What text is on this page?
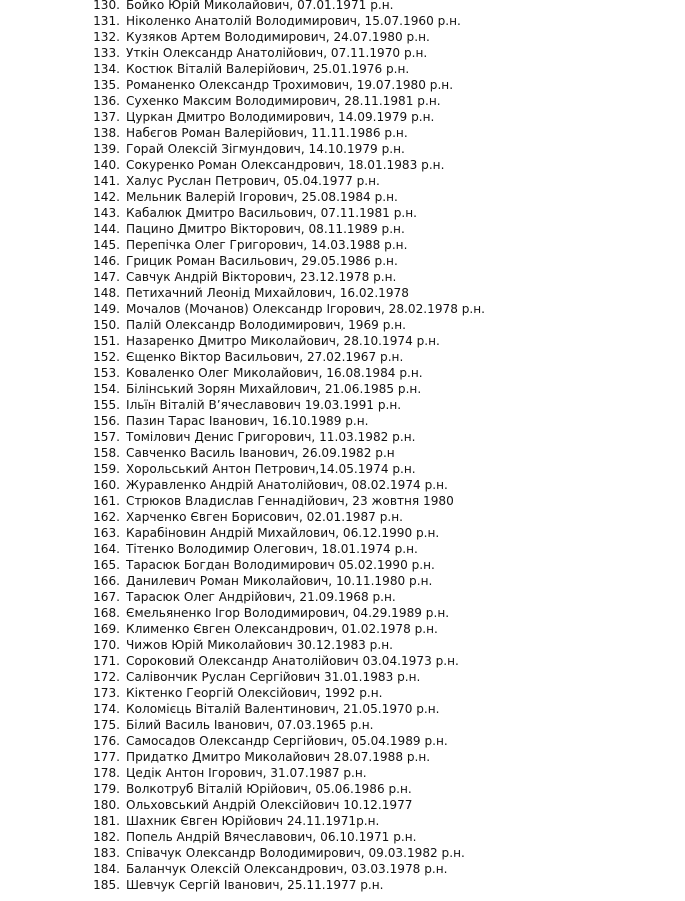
130. Бойко Юрій Миколайович, 07.01.1971 р.н.
131. Ніколенко Анатолій Володимирович, 15.07.1960 р.н.
132. Кузяков Артем Володимирович, 24.07.1980 р.н.
133. Уткін Олександр Анатолійович, 07.11.1970 р.н.
134. Костюк Віталій Валерійович, 25.01.1976 р.н.
135. Романенко Олександр Трохимович, 19.07.1980 р.н.
136. Сухенко Максим Володимирович, 28.11.1981 р.н.
137. Цуркан Дмитро Володимирович, 14.09.1979 р.н.
138. Набєгов Роман Валерійович, 11.11.1986 р.н.
139. Горай Олексій Зігмундович, 14.10.1979 р.н.
140. Сокуренко Роман Олександрович, 18.01.1983 р.н.
141. Халус Руслан Петрович, 05.04.1977 р.н.
142. Мельник Валерій Ігорович, 25.08.1984 р.н.
143. Кабалюк Дмитро Васильович, 07.11.1981 р.н.
144. Пацино Дмитро Вікторович, 08.11.1989 р.н.
145. Перепічка Олег Григорович, 14.03.1988 р.н.
146. Грицик Роман Васильович, 29.05.1986 р.н.
147. Савчук Андрій Вікторович, 23.12.1978 р.н.
148. Петихачний Леонід Михайлович, 16.02.1978
149. Мочалов (Мочанов) Олександр Ігорович, 28.02.1978 р.н.
150. Палій Олександр Володимирович, 1969 р.н.
151. Назаренко Дмитро Миколайович, 28.10.1974 р.н.
152. Єщенко Віктор Васильович, 27.02.1967 р.н.
153. Коваленко Олег Миколайович, 16.08.1984 р.н.
154. Білінський Зорян Михайлович, 21.06.1985 р.н.
155. Ільїн Віталій В’ячеславович 19.03.1991 р.н.
156. Пазин Тарас Іванович, 16.10.1989 р.н.
157. Томілович Денис Григорович, 11.03.1982 р.н.
158. Савченко Василь Іванович, 26.09.1982 р.н
159. Хорольський Антон Петрович,14.05.1974 р.н.
160. Журавленко Андрій Анатолійович, 08.02.1974 р.н.
161. Стрюков Владислав Геннадійович, 23 жовтня 1980
162. Харченко Євген Борисович, 02.01.1987 р.н.
163. Карабіновин Андрій Михайлович, 06.12.1990 р.н.
164. Тітенко Володимир Олегович, 18.01.1974 р.н.
165. Тарасюк Богдан Володимирович 05.02.1990 р.н.
166. Данилевич Роман Миколайович, 10.11.1980 р.н.
167. Тарасюк Олег Андрійович, 21.09.1968 р.н.
168. Ємельяненко Ігор Володимирович, 04.29.1989 р.н.
169. Клименко Євген Олександрович, 01.02.1978 р.н.
170. Чижов Юрій Миколайович 30.12.1983 р.н.
171. Сороковий Олександр Анатолійович 03.04.1973 р.н.
172. Салівончик Руслан Сергійович 31.01.1983 р.н.
173. Кіктенко Георгій Олексійович, 1992 р.н.
174. Коломієць Віталій Валентинович, 21.05.1970 р.н.
175. Білий Василь Іванович, 07.03.1965 р.н.
176. Самосадов Олександр Сергійович, 05.04.1989 р.н.
177. Придатко Дмитро Миколайович 28.07.1988 р.н.
178. Цедік Антон Ігорович, 31.07.1987 р.н.
179. Волкотруб Віталій Юрійович, 05.06.1986 р.н.
180. Ольховський Андрій Олексійович 10.12.1977
181. Шахник Євген Юрійович 24.11.1971р.н.
182. Попель Андрій Вячеславович, 06.10.1971 р.н.
183. Співачук Олександр Володимирович, 09.03.1982 р.н.
184. Баланчук Олексій Олександрович, 03.03.1978 р.н.
185. Шевчук Сергій Іванович, 25.11.1977 р.н.
